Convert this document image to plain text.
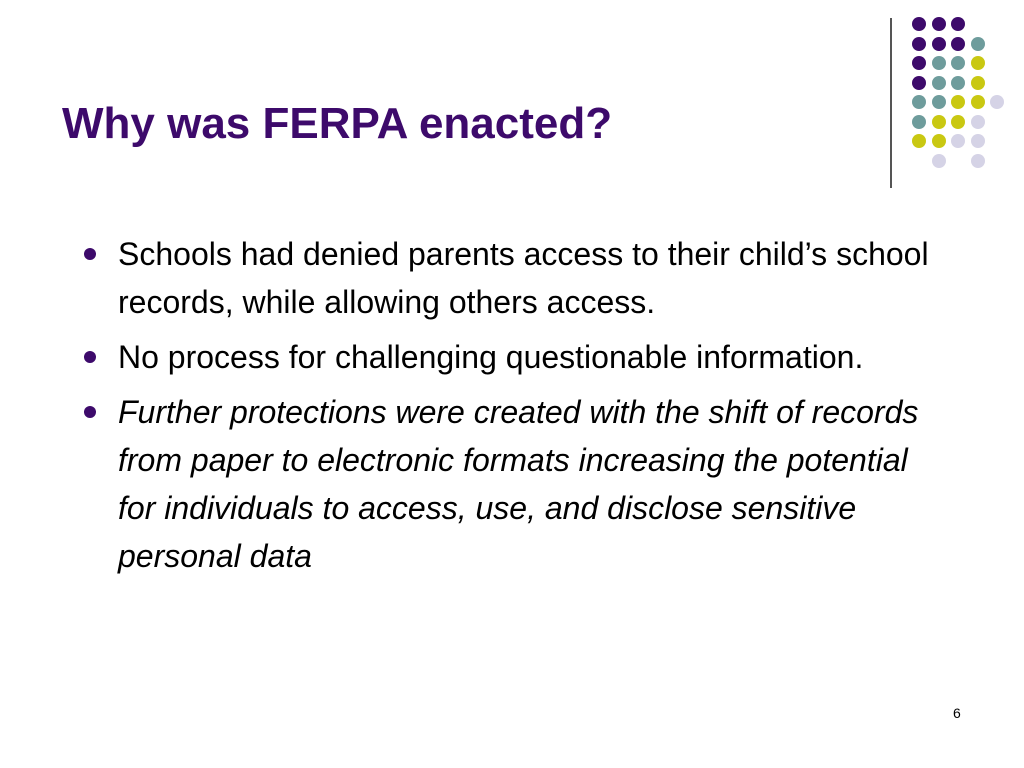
Why was FERPA enacted?
Schools had denied parents access to their child’s school records, while allowing others access.
No process for challenging questionable information.
Further protections were created with the shift of records from paper to electronic formats increasing the potential for individuals to access, use, and disclose sensitive personal data
6
